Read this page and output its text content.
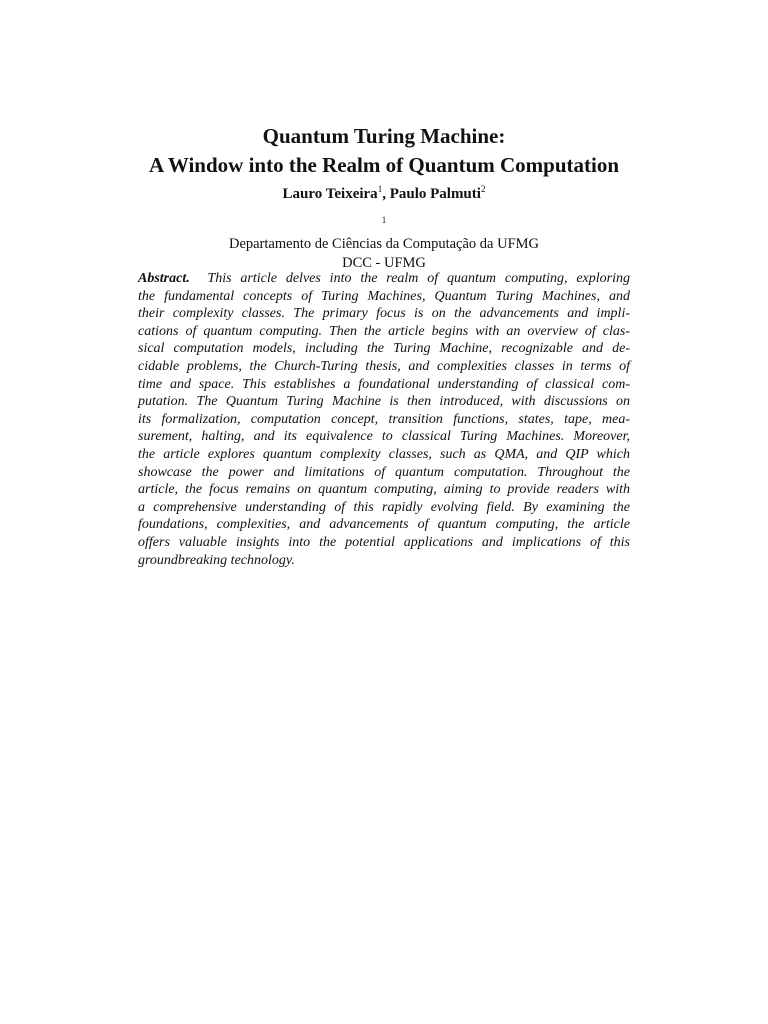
Quantum Turing Machine:
A Window into the Realm of Quantum Computation
Lauro Teixeira$^1$, Paulo Palmuti$^2$
$^1$
Departamento de Ciências da Computação da UFMG
DCC - UFMG
Abstract. This article delves into the realm of quantum computing, exploring
the fundamental concepts of Turing Machines, Quantum Turing Machines, and
their complexity classes. The primary focus is on the advancements and impli-
cations of quantum computing. Then the article begins with an overview of clas-
sical computation models, including the Turing Machine, recognizable and de-
cidable problems, the Church-Turing thesis, and complexities classes in terms of
time and space. This establishes a foundational understanding of classical com-
putation. The Quantum Turing Machine is then introduced, with discussions on
its formalization, computation concept, transition functions, states, tape, mea-
surement, halting, and its equivalence to classical Turing Machines. Moreover,
the article explores quantum complexity classes, such as QMA, and QIP which
showcase the power and limitations of quantum computation. Throughout the
article, the focus remains on quantum computing, aiming to provide readers with
a comprehensive understanding of this rapidly evolving field. By examining the
foundations, complexities, and advancements of quantum computing, the article
offers valuable insights into the potential applications and implications of this
groundbreaking technology.
